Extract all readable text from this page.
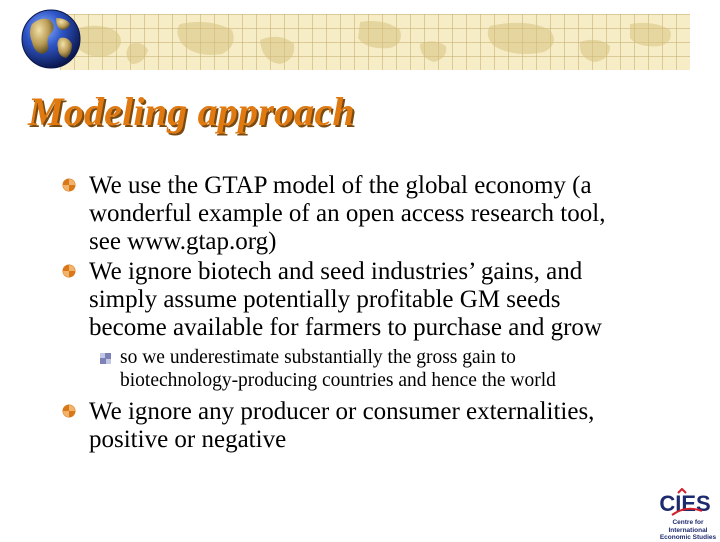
Modeling approach
We use the GTAP model of the global economy (a
wonderful example of an open access research tool,
see www.gtap.org)
We ignore biotech and seed industries’ gains, and
simply assume potentially profitable GM seeds
become available for farmers to purchase and grow
so we underestimate substantially the gross gain to
biotechnology-producing countries and hence the world
We ignore any producer or consumer externalities,
positive or negative
CIES
Centre for International
Economic Studies
